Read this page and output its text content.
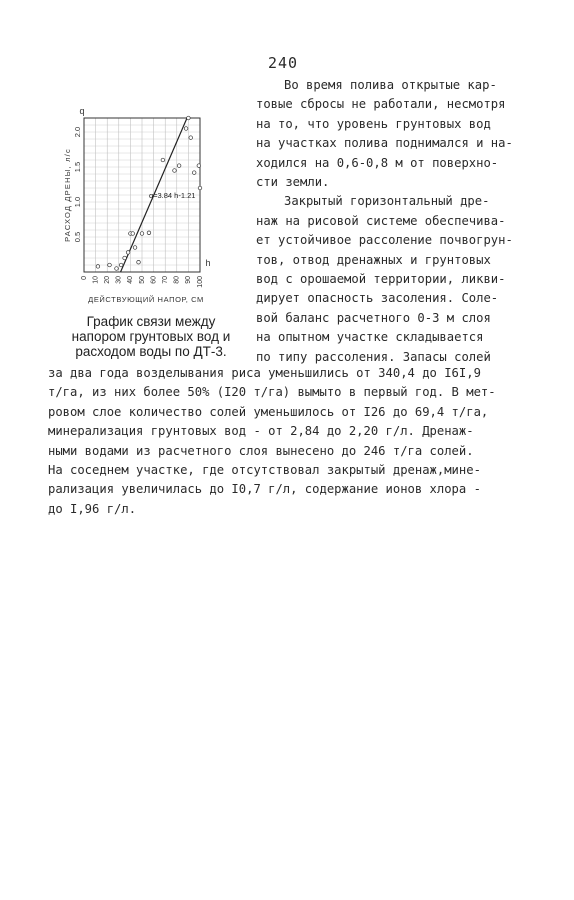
240
q
h
0 10 20 30 40 50 60 70 80 90 100
0.5
1.0
1.5
2.0
РАСХОД ДРЕНЫ, л/с
ДЕЙСТВУЮЩИЙ НАПОР, СМ
q=3.84 h-1.21
График связи между
напором грунтовых вод и
расходом воды по ДТ-3.
Во время полива открытые кар-
товые сбросы не работали, несмотря
на то, что уровень грунтовых вод
на участках полива поднимался и на-
ходился на 0,6-0,8 м от поверхно-
сти земли.
Закрытый горизонтальный дре-
наж на рисовой системе обеспечива-
ет устойчивое рассоление почвогрун-
тов, отвод дренажных и грунтовых
вод с орошаемой территории, ликви-
дирует опасность засоления. Соле-
вой баланс расчетного 0-3 м слоя
на опытном участке складывается
по типу рассоления. Запасы солей
за два года возделывания риса уменьшились от 340,4 до I6I,9
т/га, из них более 50% (I20 т/га) вымыто в первый год. В мет-
ровом слое количество солей уменьшилось от I26 до 69,4 т/га,
минерализация грунтовых вод - от 2,84 до 2,20 г/л. Дренаж-
ными водами из расчетного слоя вынесено до 246 т/га солей.
На соседнем участке, где отсутствовал закрытый дренаж,мине-
рализация увеличилась до I0,7 г/л, содержание ионов хлора -
до I,96 г/л.
